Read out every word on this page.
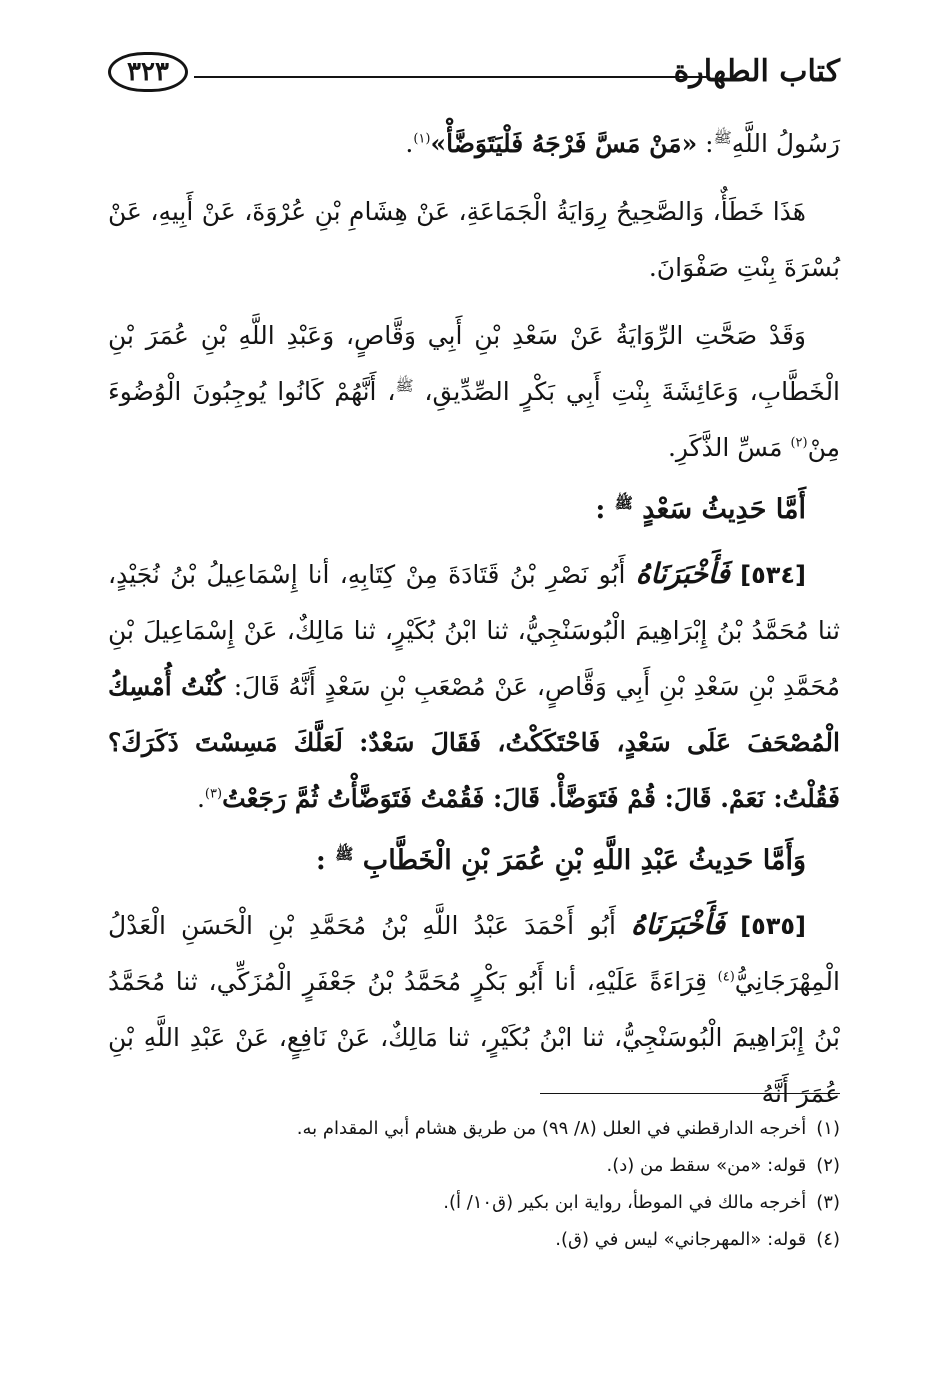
كتاب الطهارة
٣٢٣

رَسُولُ اللَّهِ$^ﷺ$: «مَنْ مَسَّ فَرْجَهُ فَلْيَتَوَضَّأْ»$^{(١)}$.

هَذَا خَطَأٌ، وَالصَّحِيحُ رِوَايَةُ الْجَمَاعَةِ، عَنْ هِشَامِ بْنِ عُرْوَةَ، عَنْ أَبِيهِ، عَنْ بُسْرَةَ بِنْتِ صَفْوَانَ.

وَقَدْ صَحَّتِ الرِّوَايَةُ عَنْ سَعْدِ بْنِ أَبِي وَقَّاصٍ، وَعَبْدِ اللَّهِ بْنِ عُمَرَ بْنِ الْخَطَّابِ، وَعَائِشَةَ بِنْتِ أَبِي بَكْرٍ الصِّدِّيقِ، $^ﷺ$، أَنَّهُمْ كَانُوا يُوجِبُونَ الْوُضُوءَ مِنْ$^{(٢)}$ مَسِّ الذَّكَرِ.

أَمَّا حَدِيثُ سَعْدٍ $^ﷺ$ :

[٥٣٤] فَأَخْبَرَنَاهُ أَبُو نَصْرِ بْنُ قَتَادَةَ مِنْ كِتَابِهِ، أنا إِسْمَاعِيلُ بْنُ نُجَيْدٍ، ثنا مُحَمَّدُ بْنُ إِبْرَاهِيمَ الْبُوسَنْجِيُّ، ثنا ابْنُ بُكَيْرٍ، ثنا مَالِكٌ، عَنْ إِسْمَاعِيلَ بْنِ مُحَمَّدِ بْنِ سَعْدِ بْنِ أَبِي وَقَّاصٍ، عَنْ مُصْعَبِ بْنِ سَعْدٍ أَنَّهُ قَالَ: كُنْتُ أُمْسِكُ الْمُصْحَفَ عَلَى سَعْدٍ، فَاحْتَكَكْتُ، فَقَالَ سَعْدٌ: لَعَلَّكَ مَسِسْتَ ذَكَرَكَ؟ فَقُلْتُ: نَعَمْ. قَالَ: قُمْ فَتَوَضَّأْ. قَالَ: فَقُمْتُ فَتَوَضَّأْتُ ثُمَّ رَجَعْتُ$^{(٣)}$.

وَأَمَّا حَدِيثُ عَبْدِ اللَّهِ بْنِ عُمَرَ بْنِ الْخَطَّابِ $^ﷺ$ :

[٥٣٥] فَأَخْبَرَنَاهُ أَبُو أَحْمَدَ عَبْدُ اللَّهِ بْنُ مُحَمَّدِ بْنِ الْحَسَنِ الْعَدْلُ الْمِهْرَجَانِيُّ$^{(٤)}$ قِرَاءَةً عَلَيْهِ، أنا أَبُو بَكْرٍ مُحَمَّدُ بْنُ جَعْفَرٍ الْمُزَكِّي، ثنا مُحَمَّدُ بْنُ إِبْرَاهِيمَ الْبُوسَنْجِيُّ، ثنا ابْنُ بُكَيْرٍ، ثنا مَالِكٌ، عَنْ نَافِعٍ، عَنْ عَبْدِ اللَّهِ بْنِ عُمَرَ أَنَّهُ

(١)أخرجه الدارقطني في العلل (٨/ ٩٩) من طريق هشام أبي المقدام به.
(٢)قوله: «من» سقط من (د).
(٣)أخرجه مالك في الموطأ، رواية ابن بكير (ق١٠/ أ).
(٤)قوله: «المهرجاني» ليس في (ق).
